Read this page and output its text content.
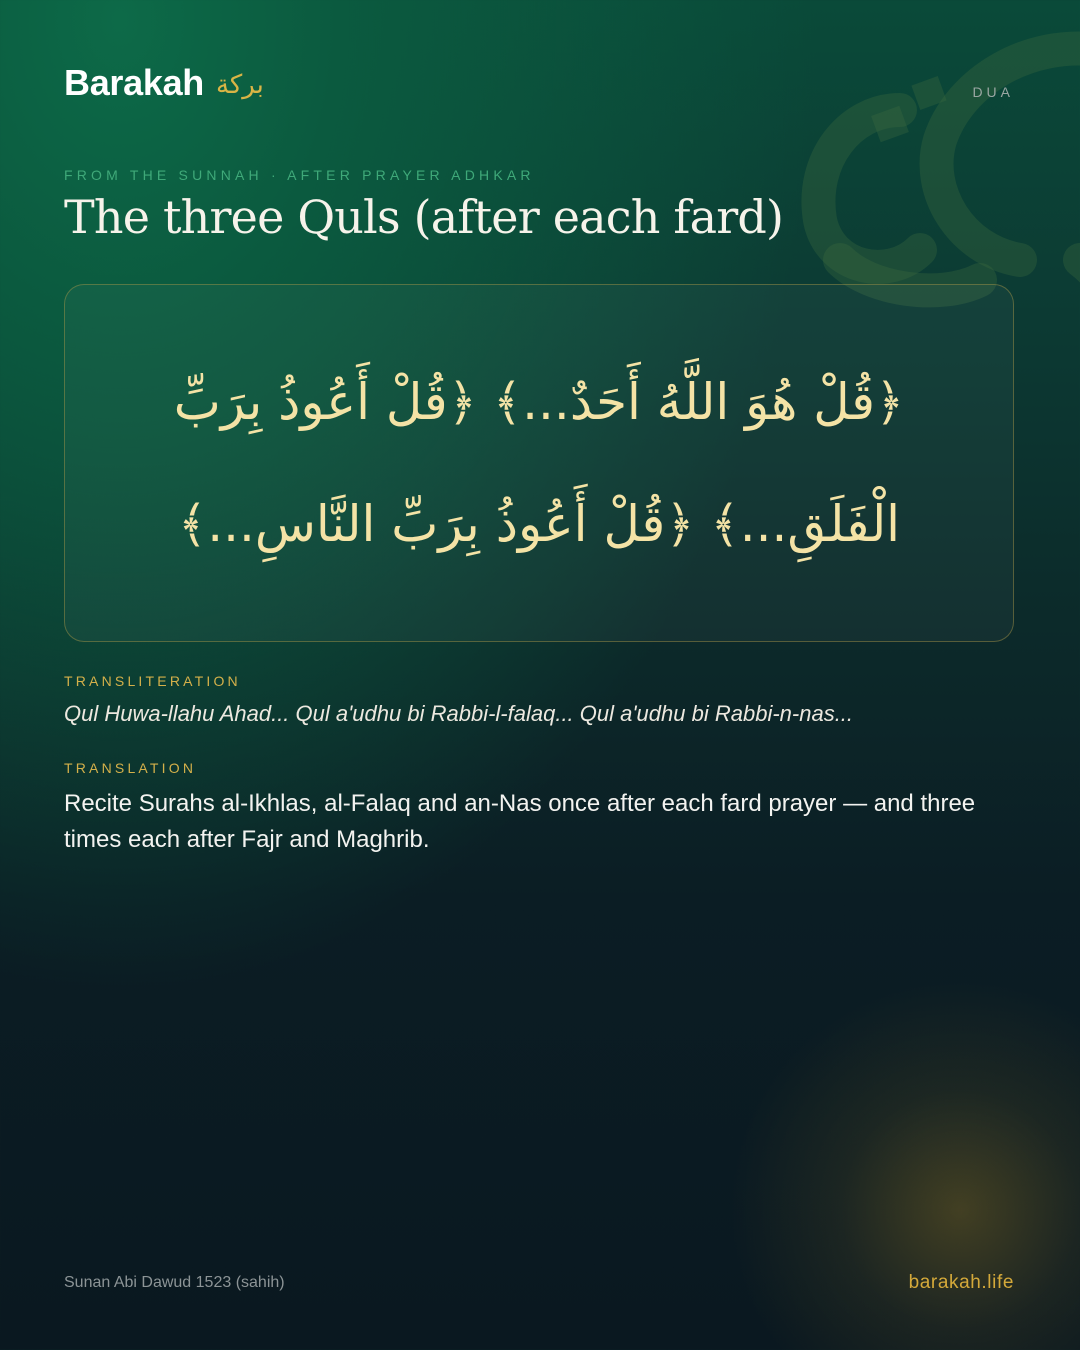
Barakah بركة	DUA
FROM THE SUNNAH · AFTER PRAYER ADHKAR
The three Quls (after each fard)
﴿قُلْ هُوَ اللَّهُ أَحَدٌ...﴾ ﴿قُلْ أَعُوذُ بِرَبِّ الْفَلَقِ...﴾ ﴿قُلْ أَعُوذُ بِرَبِّ النَّاسِ...﴾
TRANSLITERATION
Qul Huwa-llahu Ahad... Qul a'udhu bi Rabbi-l-falaq... Qul a'udhu bi Rabbi-n-nas...
TRANSLATION
Recite Surahs al-Ikhlas, al-Falaq and an-Nas once after each fard prayer — and three times each after Fajr and Maghrib.
Sunan Abi Dawud 1523 (sahih)	barakah.life
